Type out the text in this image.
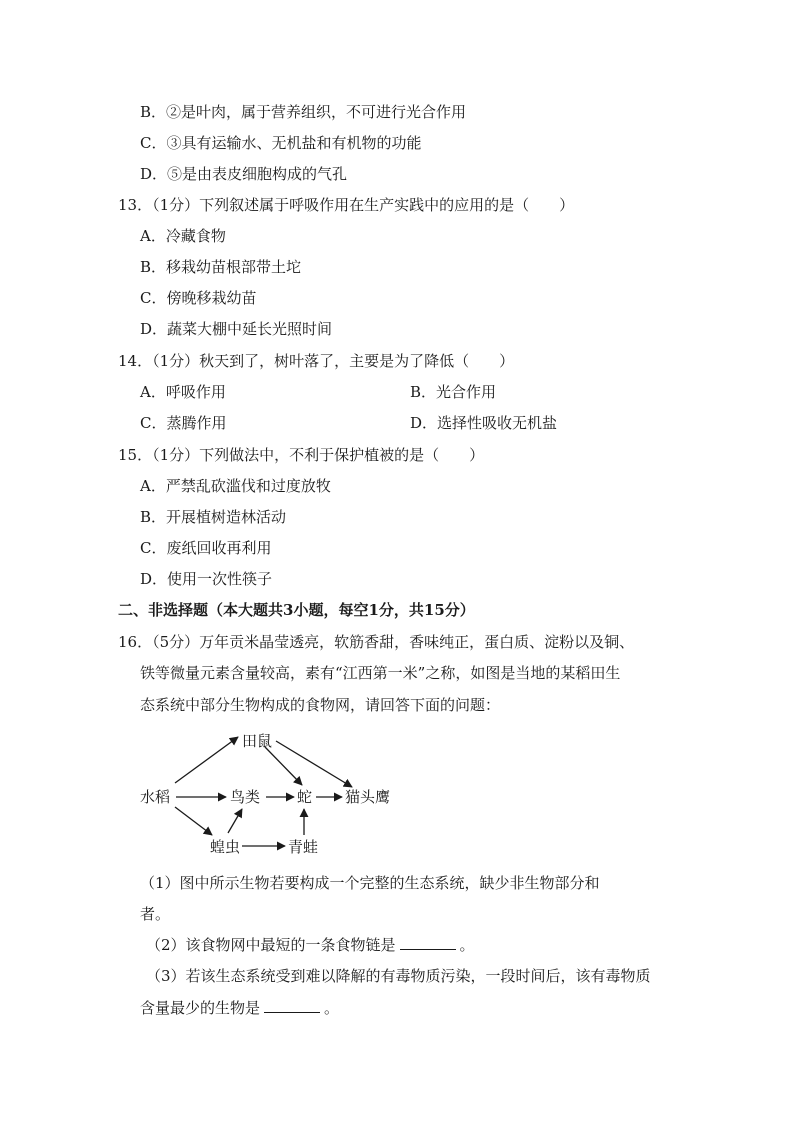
B．②是叶肉，属于营养组织，不可进行光合作用
C．③具有运输水、无机盐和有机物的功能
D．⑤是由表皮细胞构成的气孔
13．（1分）下列叙述属于呼吸作用在生产实践中的应用的是（　　）
A．冷藏食物
B．移栽幼苗根部带土坨
C．傍晚移栽幼苗
D．蔬菜大棚中延长光照时间
14．（1分）秋天到了，树叶落了，主要是为了降低（　　）
A．呼吸作用	B．光合作用
C．蒸腾作用	D．选择性吸收无机盐
15．（1分）下列做法中，不利于保护植被的是（　　）
A．严禁乱砍滥伐和过度放牧
B．开展植树造林活动
C．废纸回收再利用
D．使用一次性筷子
二、非选择题（本大题共3小题，每空1分，共15分）
16．（5分）万年贡米晶莹透亮，软筋香甜，香味纯正，蛋白质、淀粉以及铜、
铁等微量元素含量较高，素有“江西第一米”之称，如图是当地的某稻田生
态系统中部分生物构成的食物网，请回答下面的问题：
水稻
田鼠
鸟类 蛇 猫头鹰
蝗虫	青蛙
（1）图中所示生物若要构成一个完整的生态系统，缺少非生物部分和
者。
（2）该食物网中最短的一条食物链是	。
（3）若该生态系统受到难以降解的有毒物质污染，一段时间后，该有毒物质
含量最少的生物是	。
